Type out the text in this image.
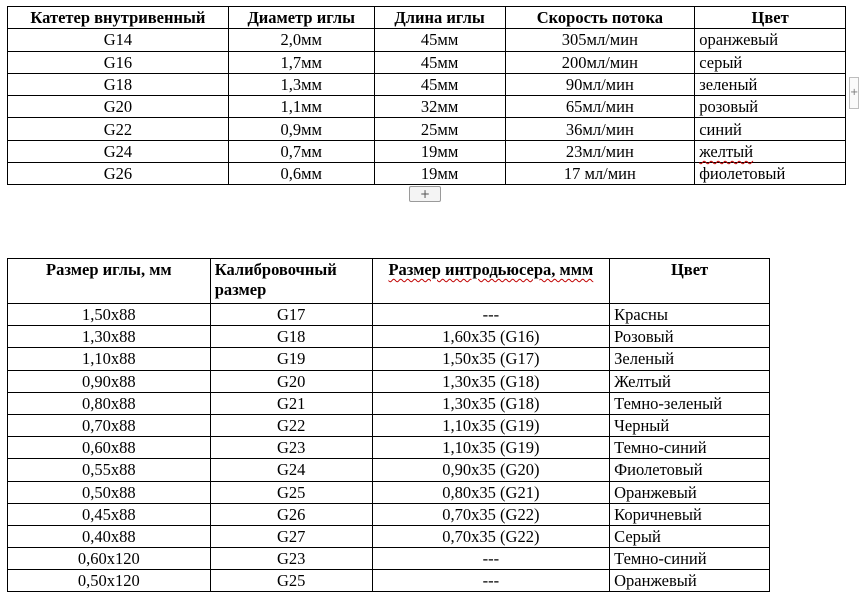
Катетер внутривенный	Диаметр иглы	Длина иглы	Скорость потока	Цвет
G14	2,0мм	45мм	305мл/мин	оранжевый
G16	1,7мм	45мм	200мл/мин	серый
G18	1,3мм	45мм	90мл/мин	зеленый
G20	1,1мм	32мм	65мл/мин	розовый
G22	0,9мм	25мм	36мл/мин	синий
G24	0,7мм	19мм	23мл/мин	желтый
G26	0,6мм	19мм	17 мл/мин	фиолетовый
+
+
Размер иглы, мм	Калибровочный размер	Размер интродьюсера, ммм	Цвет
1,50x88	G17	---	Красны
1,30x88	G18	1,60x35 (G16)	Розовый
1,10x88	G19	1,50x35 (G17)	Зеленый
0,90x88	G20	1,30x35 (G18)	Желтый
0,80x88	G21	1,30x35 (G18)	Темно-зеленый
0,70x88	G22	1,10x35 (G19)	Черный
0,60x88	G23	1,10x35 (G19)	Темно-синий
0,55x88	G24	0,90x35 (G20)	Фиолетовый
0,50x88	G25	0,80x35 (G21)	Оранжевый
0,45x88	G26	0,70x35 (G22)	Коричневый
0,40x88	G27	0,70x35 (G22)	Серый
0,60x120	G23	---	Темно-синий
0,50x120	G25	---	Оранжевый
